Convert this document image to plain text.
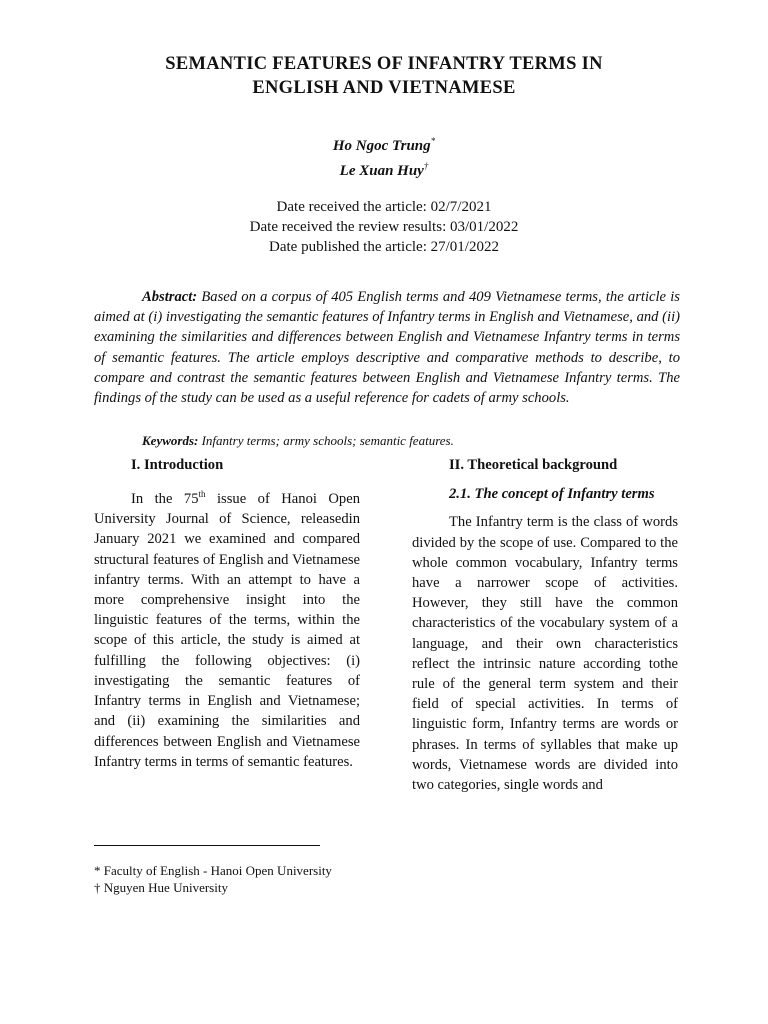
SEMANTIC FEATURES OF INFANTRY TERMS IN
ENGLISH AND VIETNAMESE
Ho Ngoc Trung*
Le Xuan Huy†
Date received the article: 02/7/2021
Date received the review results: 03/01/2022
Date published the article: 27/01/2022
Abstract: Based on a corpus of 405 English terms and 409 Vietnamese terms, the article is aimed at (i) investigating the semantic features of Infantry terms in English and Vietnamese, and (ii) examining the similarities and differences between English and Vietnamese Infantry terms in terms of semantic features. The article employs descriptive and comparative methods to describe, to compare and contrast the semantic features between English and Vietnamese Infantry terms. The findings of the study can be used as a useful reference for cadets of army schools.
Keywords: Infantry terms; army schools; semantic features.
I. Introduction
In the 75th issue of Hanoi Open University Journal of Science, releasedin January 2021 we examined and compared structural features of English and Vietnamese infantry terms. With an attempt to have a more comprehensive insight into the linguistic features of the terms, within the scope of this article, the study is aimed at fulfilling the following objectives: (i) investigating the semantic features of Infantry terms in English and Vietnamese; and (ii) examining the similarities and differences between English and Vietnamese Infantry terms in terms of semantic features.
II. Theoretical background
2.1. The concept of Infantry terms
The Infantry term is the class of words divided by the scope of use. Compared to the whole common vocabulary, Infantry terms have a narrower scope of activities. However, they still have the common characteristics of the vocabulary system of a language, and their own characteristics reflect the intrinsic nature according tothe rule of the general term system and their field of special activities. In terms of linguistic form, Infantry terms are words or phrases. In terms of syllables that make up words, Vietnamese words are divided into two categories, single words and
* Faculty of English - Hanoi Open University
† Nguyen Hue University
